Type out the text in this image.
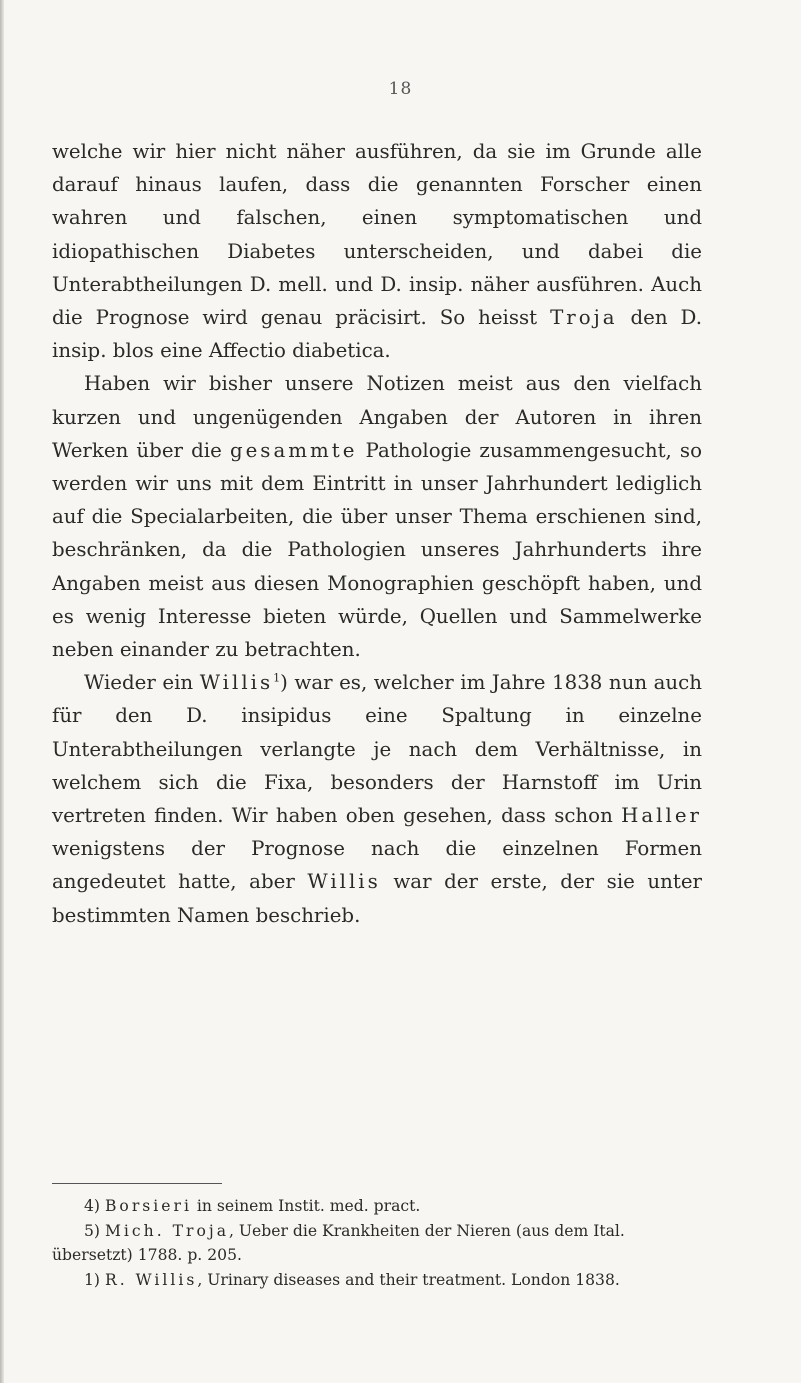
18

welche wir hier nicht näher ausführen, da sie im Grunde alle darauf hinaus laufen, dass die genannten Forscher einen wahren und falschen, einen symptomatischen und idiopathischen Diabetes unterscheiden, und dabei die Unterabtheilungen D. mell. und D. insip. näher ausführen. Auch die Prognose wird genau präcisirt. So heisst Troja den D. insip. blos eine Affectio diabetica.

Haben wir bisher unsere Notizen meist aus den vielfach kurzen und ungenügenden Angaben der Autoren in ihren Werken über die gesammte Pathologie zusammengesucht, so werden wir uns mit dem Eintritt in unser Jahrhundert lediglich auf die Specialarbeiten, die über unser Thema erschienen sind, beschränken, da die Pathologien unseres Jahrhunderts ihre Angaben meist aus diesen Monographien geschöpft haben, und es wenig Interesse bieten würde, Quellen und Sammelwerke neben einander zu betrachten.

Wieder ein Willis$^1$) war es, welcher im Jahre 1838 nun auch für den D. insipidus eine Spaltung in einzelne Unterabtheilungen verlangte je nach dem Verhältnisse, in welchem sich die Fixa, besonders der Harnstoff im Urin vertreten finden. Wir haben oben gesehen, dass schon Haller wenigstens der Prognose nach die einzelnen Formen angedeutet hatte, aber Willis war der erste, der sie unter bestimmten Namen beschrieb.

4) Borsieri in seinem Instit. med. pract.

5) Mich. Troja, Ueber die Krankheiten der Nieren (aus dem Ital. übersetzt) 1788. p. 205.

1) R. Willis, Urinary diseases and their treatment. London 1838.
